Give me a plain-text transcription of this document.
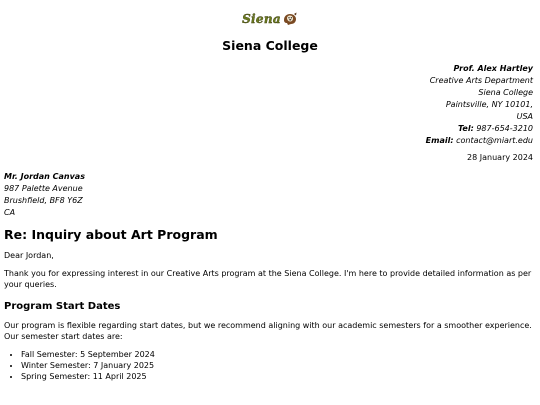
Siena
Siena College
Prof. Alex Hartley
Creative Arts Department
Siena College
Paintsville, NY 10101,
USA
Tel: 987-654-3210
Email: contact@miart.edu
28 January 2024
Mr. Jordan Canvas
987 Palette Avenue
Brushfield, BF8 Y6Z
CA
Re: Inquiry about Art Program
Dear Jordan,
Thank you for expressing interest in our Creative Arts program at the Siena College. I'm here to provide detailed information as per your queries.
Program Start Dates
Our program is flexible regarding start dates, but we recommend aligning with our academic semesters for a smoother experience. Our semester start dates are:
• Fall Semester: 5 September 2024
• Winter Semester: 7 January 2025
• Spring Semester: 11 April 2025
